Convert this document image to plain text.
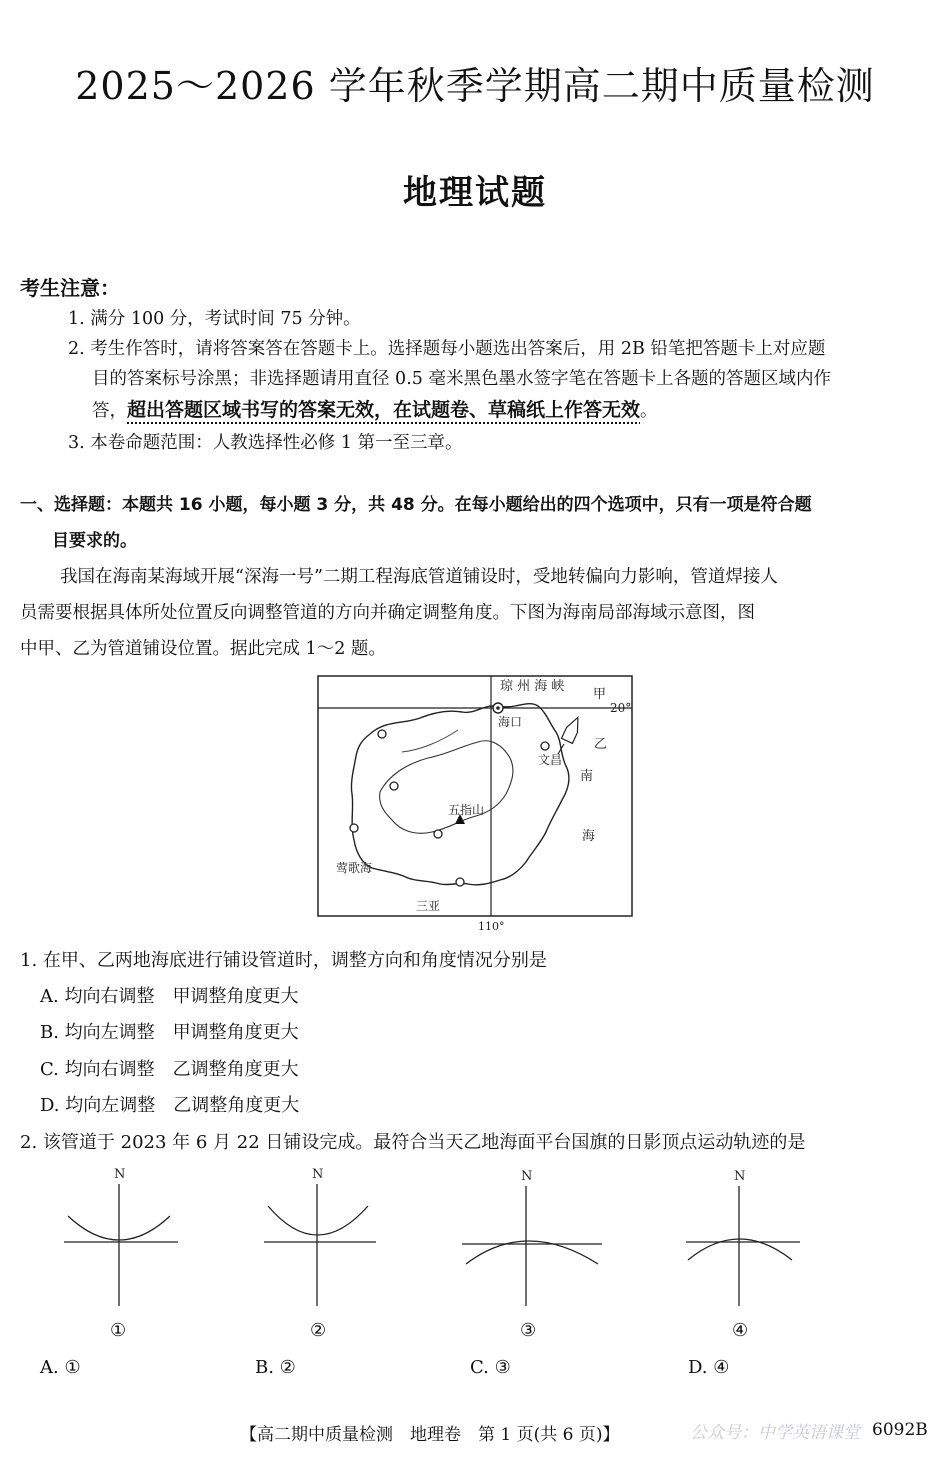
2025～2026 学年秋季学期高二期中质量检测
地理试题
考生注意：
1. 满分 100 分，考试时间 75 分钟。
2. 考生作答时，请将答案答在答题卡上。选择题每小题选出答案后，用 2B 铅笔把答题卡上对应题
目的答案标号涂黑；非选择题请用直径 0.5 毫米黑色墨水签字笔在答题卡上各题的答题区域内作
答，超出答题区域书写的答案无效，在试题卷、草稿纸上作答无效。
3. 本卷命题范围：人教选择性必修 1 第一至三章。
一、选择题：本题共 16 小题，每小题 3 分，共 48 分。在每小题给出的四个选项中，只有一项是符合题
目要求的。
我国在海南某海域开展“深海一号”二期工程海底管道铺设时，受地转偏向力影响，管道焊接人
员需要根据具体所处位置反向调整管道的方向并确定调整角度。下图为海南局部海域示意图，图
中甲、乙为管道铺设位置。据此完成 1～2 题。
琼 州 海 峡
甲
20°
海口
文昌
乙
南
海
五指山
莺歌海
三亚
110°
1. 在甲、乙两地海底进行铺设管道时，调整方向和角度情况分别是
A. 均向右调整　甲调整角度更大
B. 均向左调整　甲调整角度更大
C. 均向右调整　乙调整角度更大
D. 均向左调整　乙调整角度更大
2. 该管道于 2023 年 6 月 22 日铺设完成。最符合当天乙地海面平台国旗的日影顶点运动轨迹的是
N	N	N	N
①	②	③	④
A. ①	B. ②	C. ③	D. ④
公众号：中学英语课堂
【高二期中质量检测　地理卷　第 1 页(共 6 页)】	6092B
